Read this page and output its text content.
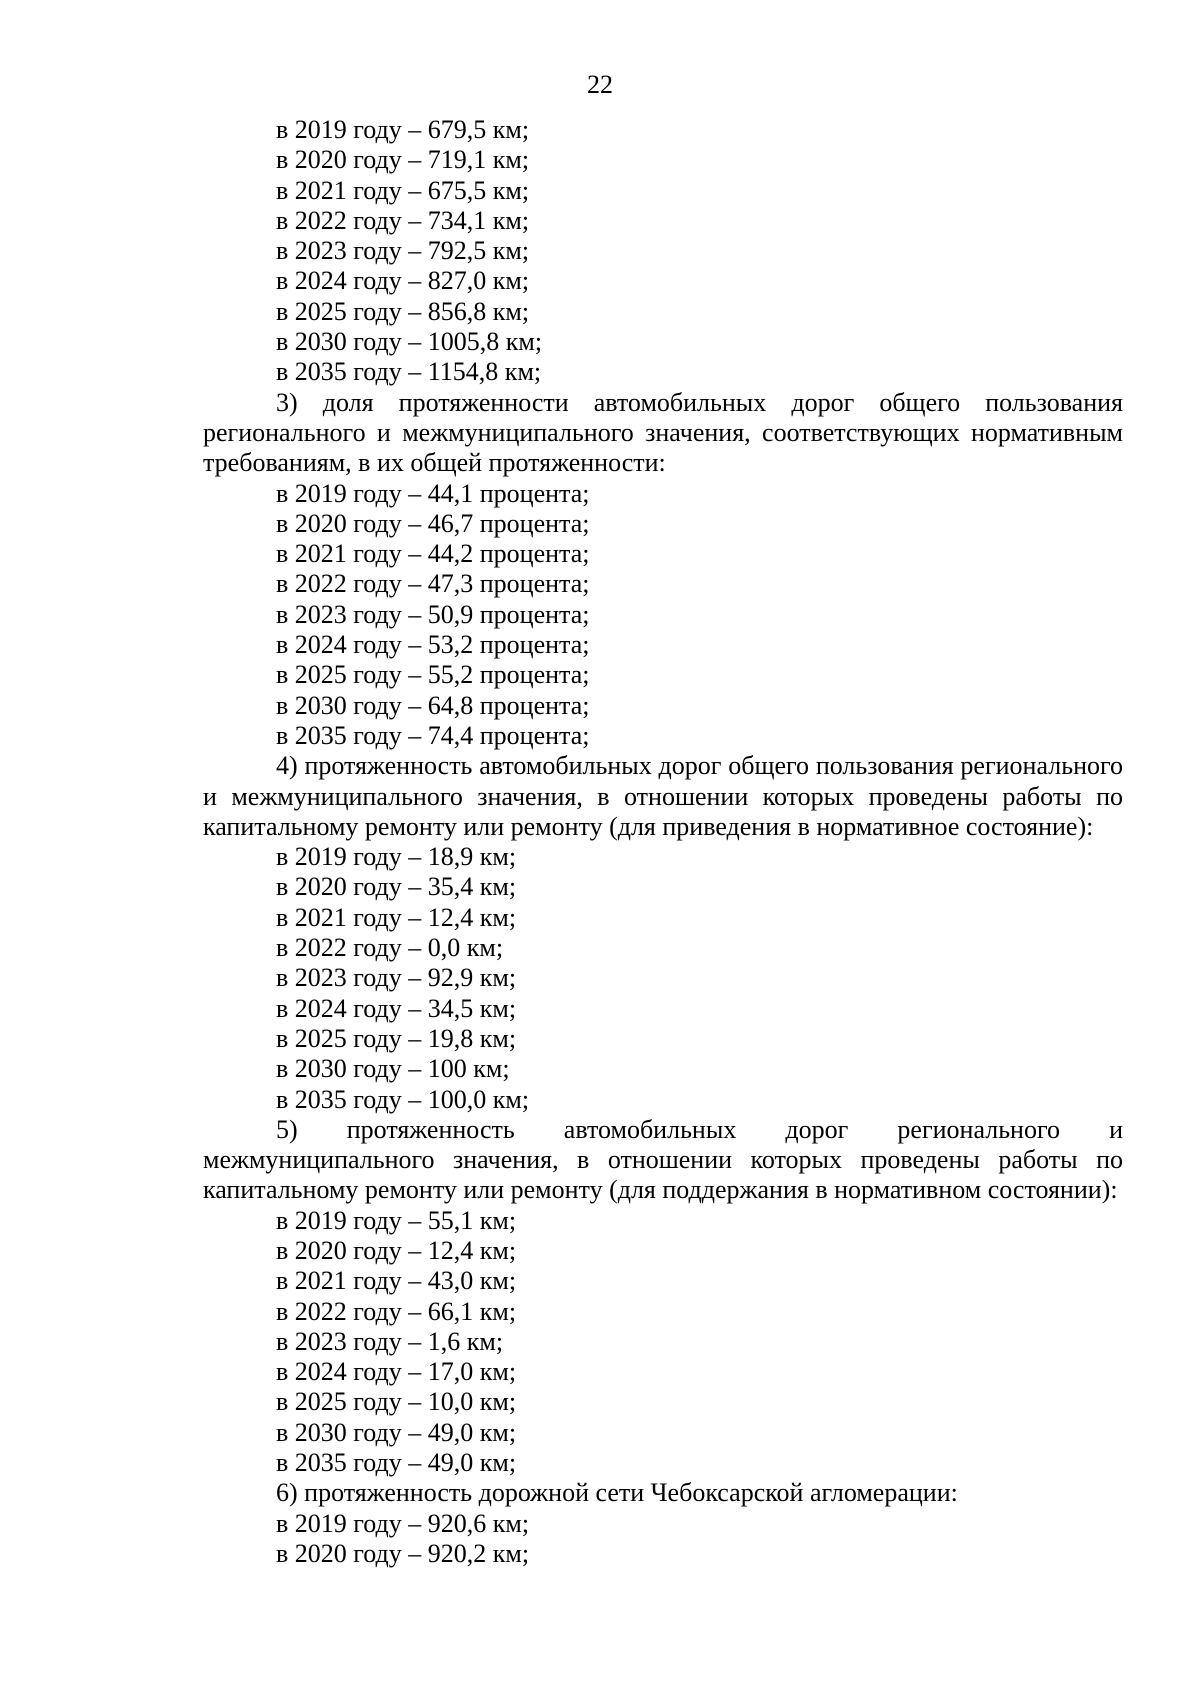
22
в 2019 году – 679,5 км;
в 2020 году – 719,1 км;
в 2021 году – 675,5 км;
в 2022 году – 734,1 км;
в 2023 году – 792,5 км;
в 2024 году – 827,0 км;
в 2025 году – 856,8 км;
в 2030 году – 1005,8 км;
в 2035 году – 1154,8 км;

3) доля протяженности автомобильных дорог общего пользования регионального и межмуниципального значения, соответствующих нормативным требованиям, в их общей протяженности:

в 2019 году – 44,1 процента;
в 2020 году – 46,7 процента;
в 2021 году – 44,2 процента;
в 2022 году – 47,3 процента;
в 2023 году – 50,9 процента;
в 2024 году – 53,2 процента;
в 2025 году – 55,2 процента;
в 2030 году – 64,8 процента;
в 2035 году – 74,4 процента;

4) протяженность автомобильных дорог общего пользования регионального и межмуниципального значения, в отношении которых проведены работы по капитальному ремонту или ремонту (для приведения в нормативное состояние):

в 2019 году – 18,9 км;
в 2020 году – 35,4 км;
в 2021 году – 12,4 км;
в 2022 году – 0,0 км;
в 2023 году – 92,9 км;
в 2024 году – 34,5 км;
в 2025 году – 19,8 км;
в 2030 году – 100 км;
в 2035 году – 100,0 км;

5) протяженность автомобильных дорог регионального и межмуниципального значения, в отношении которых проведены работы по капитальному ремонту или ремонту (для поддержания в нормативном состоянии):

в 2019 году – 55,1 км;
в 2020 году – 12,4 км;
в 2021 году – 43,0 км;
в 2022 году – 66,1 км;
в 2023 году – 1,6 км;
в 2024 году – 17,0 км;
в 2025 году – 10,0 км;
в 2030 году – 49,0 км;
в 2035 году – 49,0 км;
6) протяженность дорожной сети Чебоксарской агломерации:
в 2019 году – 920,6 км;
в 2020 году – 920,2 км;
